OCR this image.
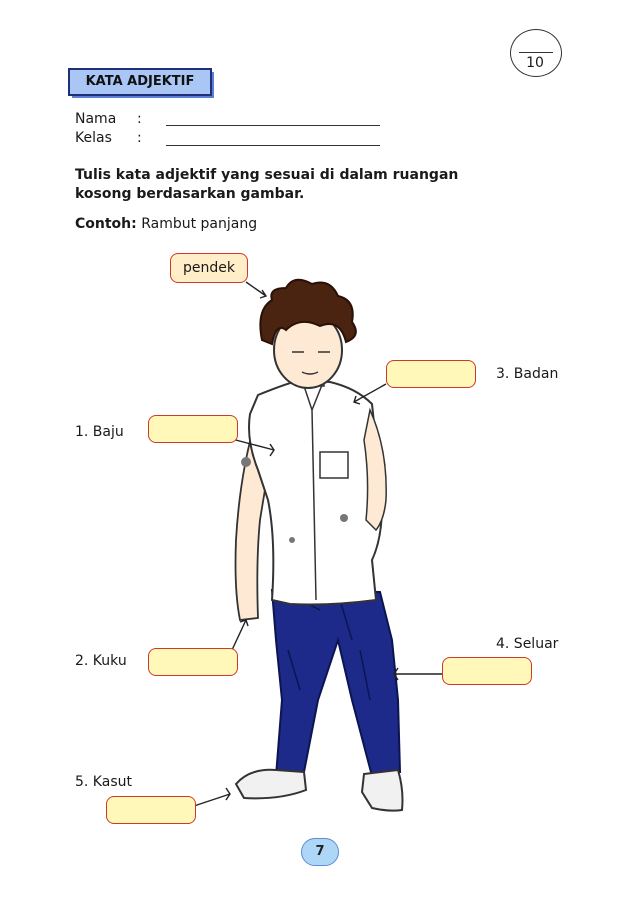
10
KATA ADJEKTIF
Nama :
Kelas :
Tulis kata adjektif yang sesuai di dalam ruangan kosong berdasarkan gambar.
Contoh: Rambut panjang
pendek
1. Baju
2. Kuku
3. Badan
4. Seluar
5. Kasut
7
